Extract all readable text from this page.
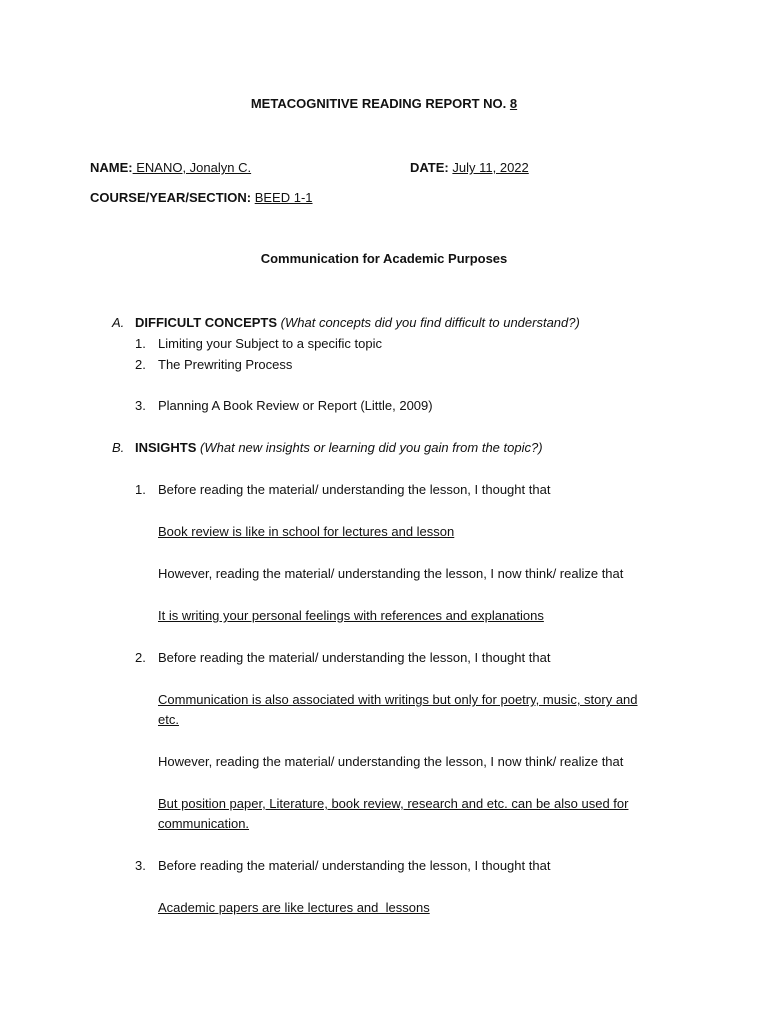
METACOGNITIVE READING REPORT NO. 8
NAME: ENANO, Jonalyn C.	DATE: July 11, 2022
COURSE/YEAR/SECTION: BEED 1-1
Communication for Academic Purposes
A. DIFFICULT CONCEPTS (What concepts did you find difficult to understand?)
1. Limiting your Subject to a specific topic
2. The Prewriting Process
3. Planning A Book Review or Report (Little, 2009)
B. INSIGHTS (What new insights or learning did you gain from the topic?)
1. Before reading the material/ understanding the lesson, I thought that
Book review is like in school for lectures and lesson
However, reading the material/ understanding the lesson, I now think/ realize that
It is writing your personal feelings with references and explanations
2. Before reading the material/ understanding the lesson, I thought that
Communication is also associated with writings but only for poetry, music, story and
etc.
However, reading the material/ understanding the lesson, I now think/ realize that
But position paper, Literature, book review, research and etc. can be also used for
communication.
3. Before reading the material/ understanding the lesson, I thought that
Academic papers are like lectures and  lessons
